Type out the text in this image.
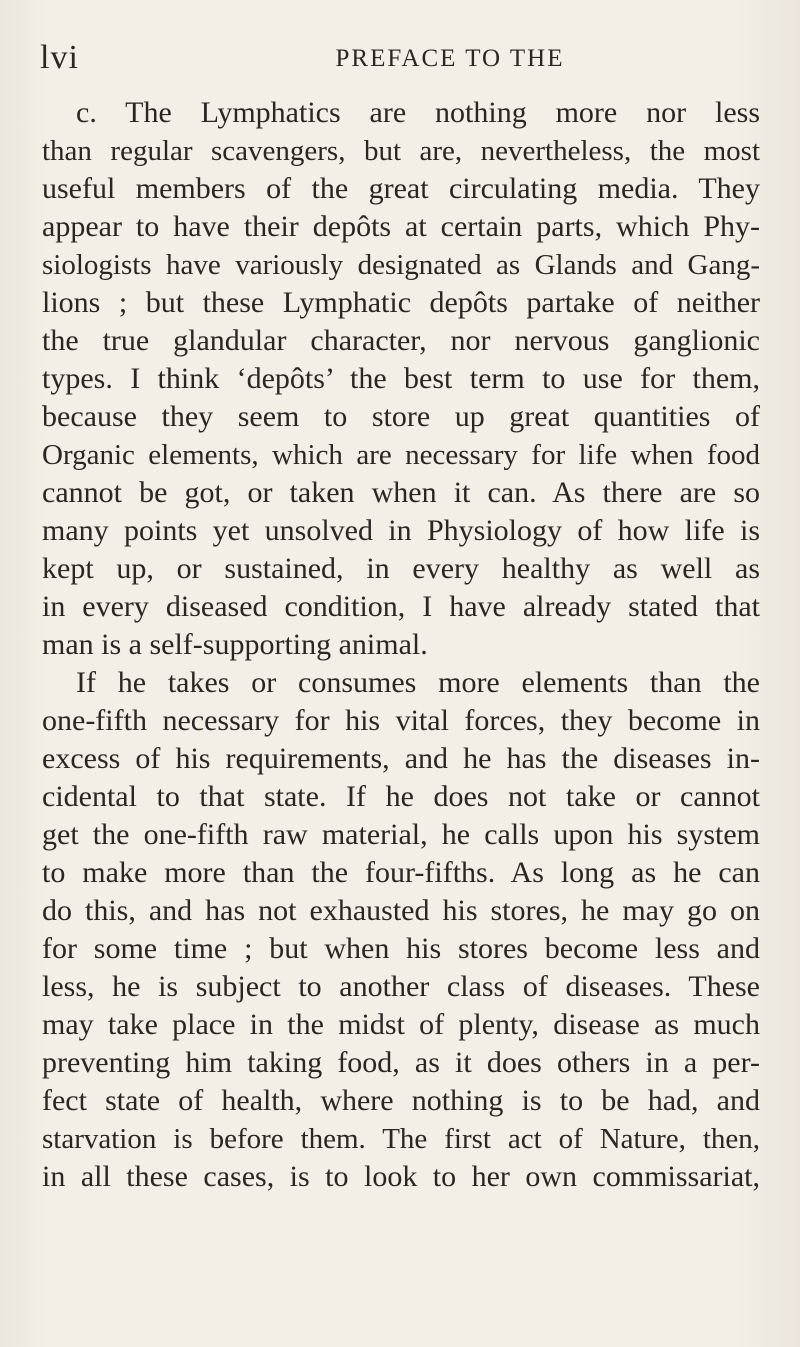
lvi	PREFACE TO THE
c. The Lymphatics are nothing more nor less
than regular scavengers, but are, nevertheless, the most
useful members of the great circulating media. They
appear to have their depôts at certain parts, which Phy-
siologists have variously designated as Glands and Gang-
lions ; but these Lymphatic depôts partake of neither
the true glandular character, nor nervous ganglionic
types. I think ‘depôts’ the best term to use for them,
because they seem to store up great quantities of
Organic elements, which are necessary for life when food
cannot be got, or taken when it can. As there are so
many points yet unsolved in Physiology of how life is
kept up, or sustained, in every healthy as well as
in every diseased condition, I have already stated that
man is a self-supporting animal.
If he takes or consumes more elements than the
one-fifth necessary for his vital forces, they become in
excess of his requirements, and he has the diseases in-
cidental to that state. If he does not take or cannot
get the one-fifth raw material, he calls upon his system
to make more than the four-fifths. As long as he can
do this, and has not exhausted his stores, he may go on
for some time ; but when his stores become less and
less, he is subject to another class of diseases. These
may take place in the midst of plenty, disease as much
preventing him taking food, as it does others in a per-
fect state of health, where nothing is to be had, and
starvation is before them. The first act of Nature, then,
in all these cases, is to look to her own commissariat,
